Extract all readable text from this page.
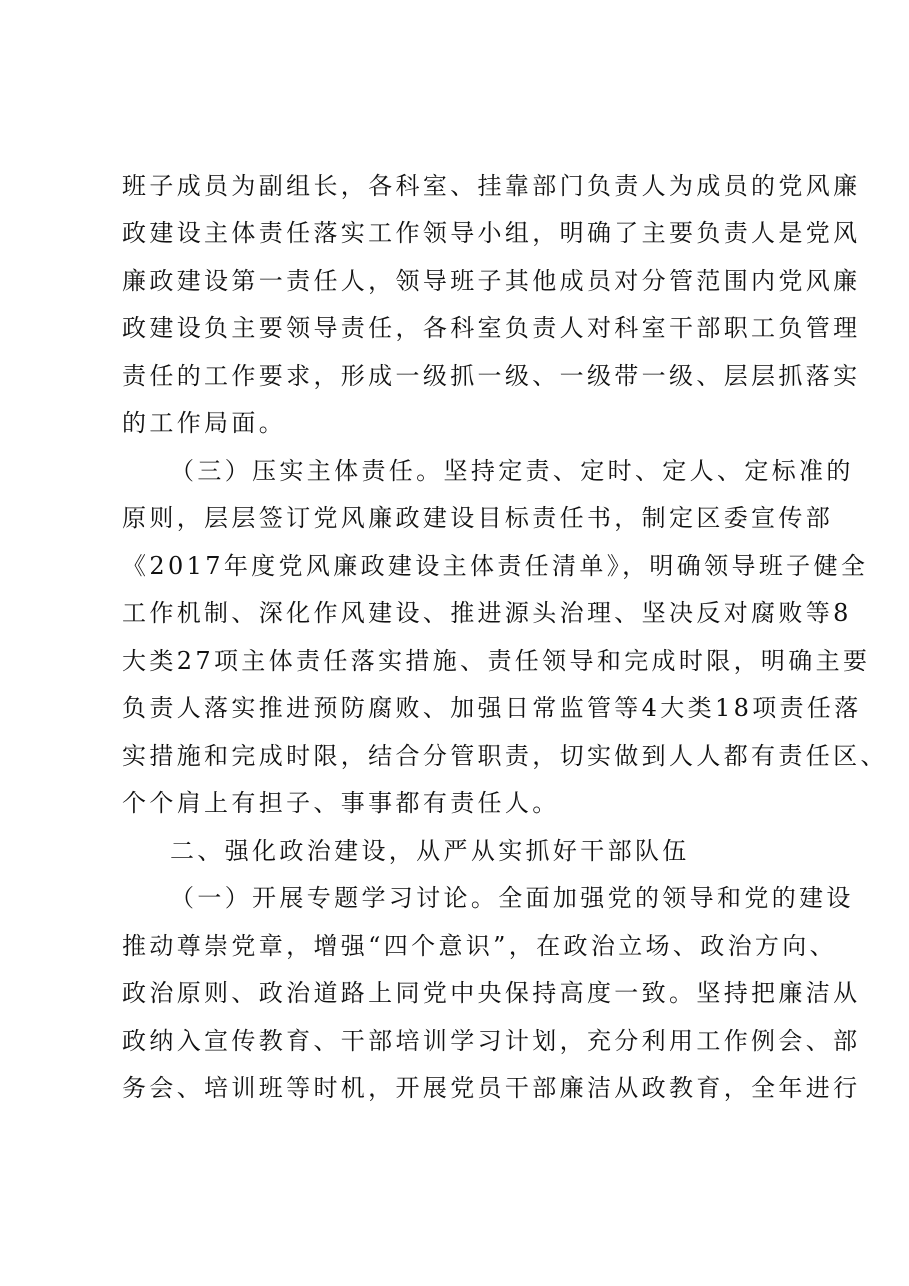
班子成员为副组长，各科室、挂靠部门负责人为成员的党风廉
政建设主体责任落实工作领导小组，明确了主要负责人是党风
廉政建设第一责任人，领导班子其他成员对分管范围内党风廉
政建设负主要领导责任，各科室负责人对科室干部职工负管理
责任的工作要求，形成一级抓一级、一级带一级、层层抓落实
的工作局面。
（三）压实主体责任。坚持定责、定时、定人、定标准的
原则，层层签订党风廉政建设目标责任书，制定区委宣传部
《2017年度党风廉政建设主体责任清单》，明确领导班子健全
工作机制、深化作风建设、推进源头治理、坚决反对腐败等8
大类27项主体责任落实措施、责任领导和完成时限，明确主要
负责人落实推进预防腐败、加强日常监管等4大类18项责任落
实措施和完成时限，结合分管职责，切实做到人人都有责任区、
个个肩上有担子、事事都有责任人。
二、强化政治建设，从严从实抓好干部队伍
（一）开展专题学习讨论。全面加强党的领导和党的建设
推动尊崇党章，增强“四个意识”，在政治立场、政治方向、
政治原则、政治道路上同党中央保持高度一致。坚持把廉洁从
政纳入宣传教育、干部培训学习计划，充分利用工作例会、部
务会、培训班等时机，开展党员干部廉洁从政教育，全年进行
